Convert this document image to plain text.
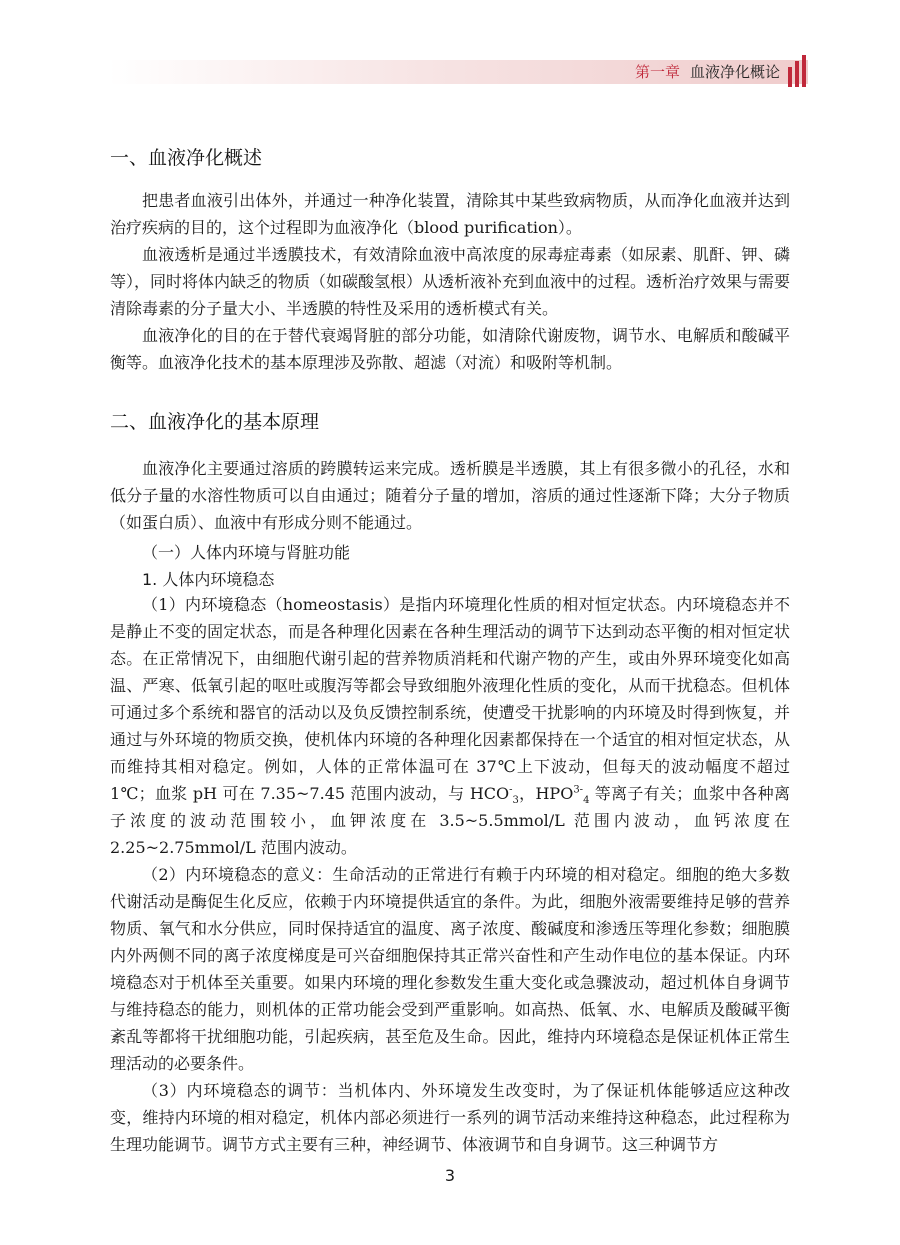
第一章 血液净化概论
一、血液净化概述

把患者血液引出体外，并通过一种净化装置，清除其中某些致病物质，从而净化血液并达到治疗疾病的目的，这个过程即为血液净化（blood purification）。

血液透析是通过半透膜技术，有效清除血液中高浓度的尿毒症毒素（如尿素、肌酐、钾、磷等），同时将体内缺乏的物质（如碳酸氢根）从透析液补充到血液中的过程。透析治疗效果与需要清除毒素的分子量大小、半透膜的特性及采用的透析模式有关。

血液净化的目的在于替代衰竭肾脏的部分功能，如清除代谢废物，调节水、电解质和酸碱平衡等。血液净化技术的基本原理涉及弥散、超滤（对流）和吸附等机制。

二、血液净化的基本原理

血液净化主要通过溶质的跨膜转运来完成。透析膜是半透膜，其上有很多微小的孔径，水和低分子量的水溶性物质可以自由通过；随着分子量的增加，溶质的通过性逐渐下降；大分子物质（如蛋白质）、血液中有形成分则不能通过。

（一）人体内环境与肾脏功能
1. 人体内环境稳态

（1）内环境稳态（homeostasis）是指内环境理化性质的相对恒定状态。内环境稳态并不是静止不变的固定状态，而是各种理化因素在各种生理活动的调节下达到动态平衡的相对恒定状态。在正常情况下，由细胞代谢引起的营养物质消耗和代谢产物的产生，或由外界环境变化如高温、严寒、低氧引起的呕吐或腹泻等都会导致细胞外液理化性质的变化，从而干扰稳态。但机体可通过多个系统和器官的活动以及负反馈控制系统，使遭受干扰影响的内环境及时得到恢复，并通过与外环境的物质交换，使机体内环境的各种理化因素都保持在一个适宜的相对恒定状态，从而维持其相对稳定。例如，人体的正常体温可在 37℃上下波动，但每天的波动幅度不超过 1℃；血浆 pH 可在 7.35~7.45 范围内波动，与 $HCO^-_3$，$HPO^{3-}_4$ 等离子有关；血浆中各种离子浓度的波动范围较小，血钾浓度在 3.5~5.5mmol/L 范围内波动，血钙浓度在 2.25~2.75mmol/L 范围内波动。

（2）内环境稳态的意义：生命活动的正常进行有赖于内环境的相对稳定。细胞的绝大多数代谢活动是酶促生化反应，依赖于内环境提供适宜的条件。为此，细胞外液需要维持足够的营养物质、氧气和水分供应，同时保持适宜的温度、离子浓度、酸碱度和渗透压等理化参数；细胞膜内外两侧不同的离子浓度梯度是可兴奋细胞保持其正常兴奋性和产生动作电位的基本保证。内环境稳态对于机体至关重要。如果内环境的理化参数发生重大变化或急骤波动，超过机体自身调节与维持稳态的能力，则机体的正常功能会受到严重影响。如高热、低氧、水、电解质及酸碱平衡紊乱等都将干扰细胞功能，引起疾病，甚至危及生命。因此，维持内环境稳态是保证机体正常生理活动的必要条件。

（3）内环境稳态的调节：当机体内、外环境发生改变时，为了保证机体能够适应这种改变，维持内环境的相对稳定，机体内部必须进行一系列的调节活动来维持这种稳态，此过程称为生理功能调节。调节方式主要有三种，神经调节、体液调节和自身调节。这三种调节方

3
